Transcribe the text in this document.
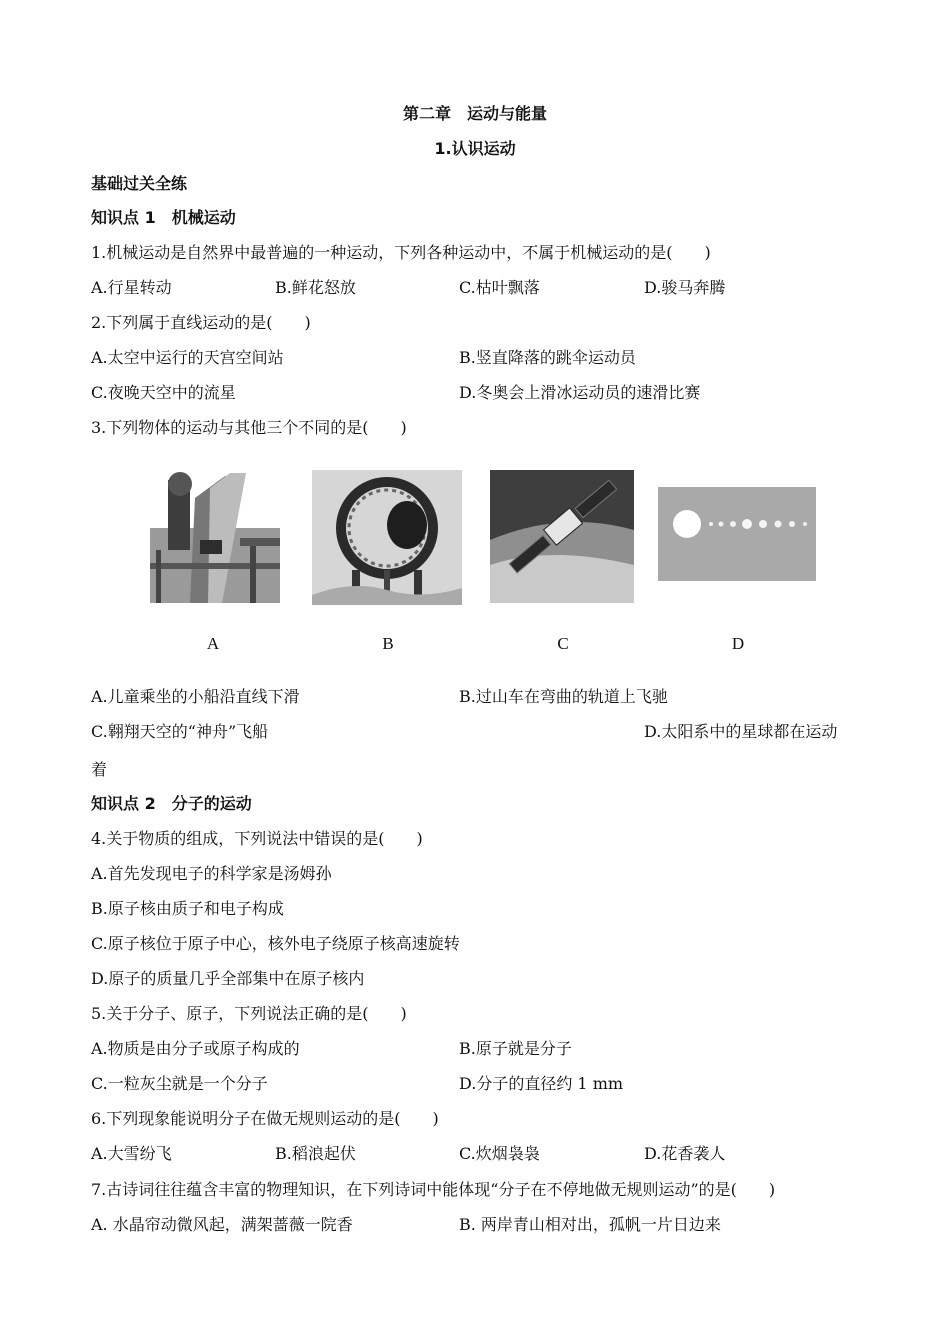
第二章　运动与能量
1.认识运动
基础过关全练
知识点 1　机械运动
1.机械运动是自然界中最普遍的一种运动，下列各种运动中，不属于机械运动的是(　　)
A.行星转动	B.鲜花怒放	C.枯叶飘落	D.骏马奔腾
2.下列属于直线运动的是(　　)
A.太空中运行的天宫空间站	B.竖直降落的跳伞运动员
C.夜晚天空中的流星	D.冬奥会上滑冰运动员的速滑比赛
3.下列物体的运动与其他三个不同的是(　　)
A	B	C	D
A.儿童乘坐的小船沿直线下滑	B.过山车在弯曲的轨道上飞驰
C.翱翔天空的“神舟”飞船	D.太阳系中的星球都在运动
着
知识点 2　分子的运动
4.关于物质的组成，下列说法中错误的是(　　)
A.首先发现电子的科学家是汤姆孙
B.原子核由质子和电子构成
C.原子核位于原子中心，核外电子绕原子核高速旋转
D.原子的质量几乎全部集中在原子核内
5.关于分子、原子，下列说法正确的是(　　)
A.物质是由分子或原子构成的	B.原子就是分子
C.一粒灰尘就是一个分子	D.分子的直径约 1 mm
6.下列现象能说明分子在做无规则运动的是(　　)
A.大雪纷飞	B.稻浪起伏	C.炊烟袅袅	D.花香袭人
7.古诗词往往蕴含丰富的物理知识，在下列诗词中能体现“分子在不停地做无规则运动”的是(　　)
A. 水晶帘动微风起，满架蔷薇一院香	B. 两岸青山相对出，孤帆一片日边来
